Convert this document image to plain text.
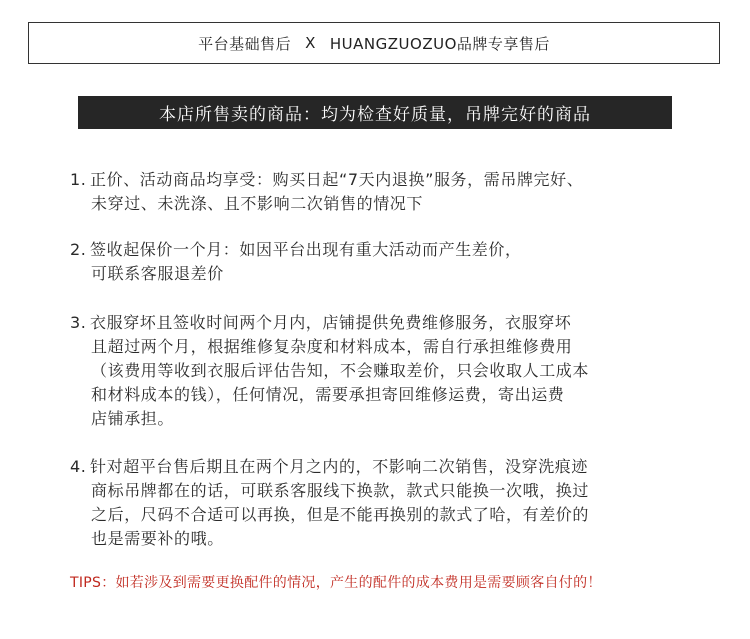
平台基础售后 X HUANGZUOZUO品牌专享售后
本店所售卖的商品：均为检查好质量，吊牌完好的商品
1. 正价、活动商品均享受：购买日起“7天内退换”服务，需吊牌完好、
未穿过、未洗涤、且不影响二次销售的情况下
2. 签收起保价一个月：如因平台出现有重大活动而产生差价，
可联系客服退差价
3. 衣服穿坏且签收时间两个月内，店铺提供免费维修服务，衣服穿坏
且超过两个月，根据维修复杂度和材料成本，需自行承担维修费用
（该费用等收到衣服后评估告知，不会赚取差价，只会收取人工成本
和材料成本的钱），任何情况，需要承担寄回维修运费，寄出运费
店铺承担。
4. 针对超平台售后期且在两个月之内的，不影响二次销售，没穿洗痕迹
商标吊牌都在的话，可联系客服线下换款，款式只能换一次哦，换过
之后，尺码不合适可以再换，但是不能再换别的款式了哈，有差价的
也是需要补的哦。
TIPS：如若涉及到需要更换配件的情况，产生的配件的成本费用是需要顾客自付的！
